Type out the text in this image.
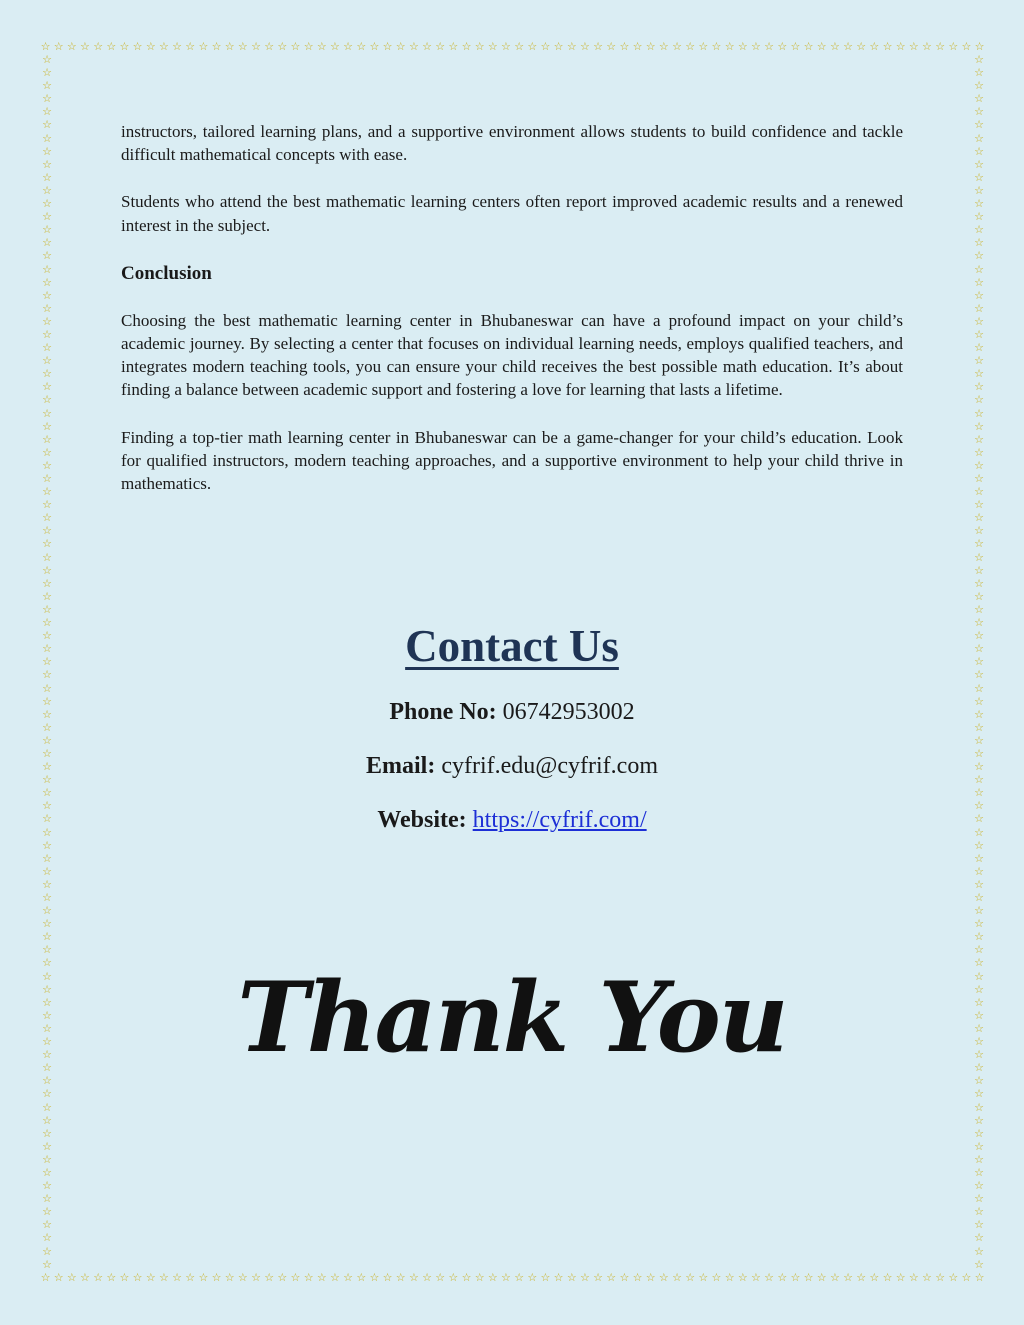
☆ ☆ ☆ ☆ ☆ ☆ ☆ ☆ ☆ ☆ ☆ ☆ ☆ ☆ ☆ ☆ ☆ ☆ ☆ ☆ ☆ ☆ ☆ ☆ ☆ ☆ ☆ ☆ ☆ ☆ ☆ ☆ ☆ ☆ ☆ ☆ ☆ ☆ ☆ ☆ ☆ ☆ ☆ ☆ ☆ ☆ ☆ ☆ ☆ ☆ ☆ ☆ ☆ ☆ ☆ ☆ ☆ ☆ ☆ ☆ ☆ ☆ ☆ ☆ ☆ ☆ ☆ ☆ ☆ ☆ ☆ ☆
☆ ☆ ☆ ☆ ☆ ☆ ☆ ☆ ☆ ☆ ☆ ☆ ☆ ☆ ☆ ☆ ☆ ☆ ☆ ☆ ☆ ☆ ☆ ☆ ☆ ☆ ☆ ☆ ☆ ☆ ☆ ☆ ☆ ☆ ☆ ☆ ☆ ☆ ☆ ☆ ☆ ☆ ☆ ☆ ☆ ☆ ☆ ☆ ☆ ☆ ☆ ☆ ☆ ☆ ☆ ☆ ☆ ☆ ☆ ☆ ☆ ☆ ☆ ☆ ☆ ☆ ☆ ☆ ☆ ☆ ☆ ☆
☆
☆
☆
☆
☆
☆
☆
☆
☆
☆
☆
☆
☆
☆
☆
☆
☆
☆
☆
☆
☆
☆
☆
☆
☆
☆
☆
☆
☆
☆
☆
☆
☆
☆
☆
☆
☆
☆
☆
☆
☆
☆
☆
☆
☆
☆
☆
☆
☆
☆
☆
☆
☆
☆
☆
☆
☆
☆
☆
☆
☆
☆
☆
☆
☆
☆
☆
☆
☆
☆
☆
☆
☆
☆
☆
☆
☆
☆
☆
☆
☆
☆
☆
☆
☆
☆
☆
☆
☆
☆
☆
☆
☆
☆
☆
☆
☆
☆
☆
☆
☆
☆
☆
☆
☆
☆
☆
☆
☆
☆
☆
☆
☆
☆
☆
☆
☆
☆
☆
☆
☆
☆
☆
☆
☆
☆
☆
☆
☆
☆
☆
☆
☆
☆
☆
☆
☆
☆
☆
☆
☆
☆
☆
☆
☆
☆
☆
☆
☆
☆
☆
☆
☆
☆
☆
☆
☆
☆
☆
☆
☆
☆
☆
☆
☆
☆
☆
☆
☆
☆
☆
☆
☆
☆
☆
☆
☆
☆
☆
☆
☆
☆
☆
☆
☆
☆

instructors, tailored learning plans, and a supportive environment allows students to build confidence and tackle difficult mathematical concepts with ease.

Students who attend the best mathematic learning centers often report improved academic results and a renewed interest in the subject.

Conclusion

Choosing the best mathematic learning center in Bhubaneswar can have a profound impact on your child’s academic journey. By selecting a center that focuses on individual learning needs, employs qualified teachers, and integrates modern teaching tools, you can ensure your child receives the best possible math education. It’s about finding a balance between academic support and fostering a love for learning that lasts a lifetime.

Finding a top-tier math learning center in Bhubaneswar can be a game-changer for your child’s education. Look for qualified instructors, modern teaching approaches, and a supportive environment to help your child thrive in mathematics.

Contact Us
Phone No: 06742953002
Email: cyfrif.edu@cyfrif.com
Website: https://cyfrif.com/
Thank You
